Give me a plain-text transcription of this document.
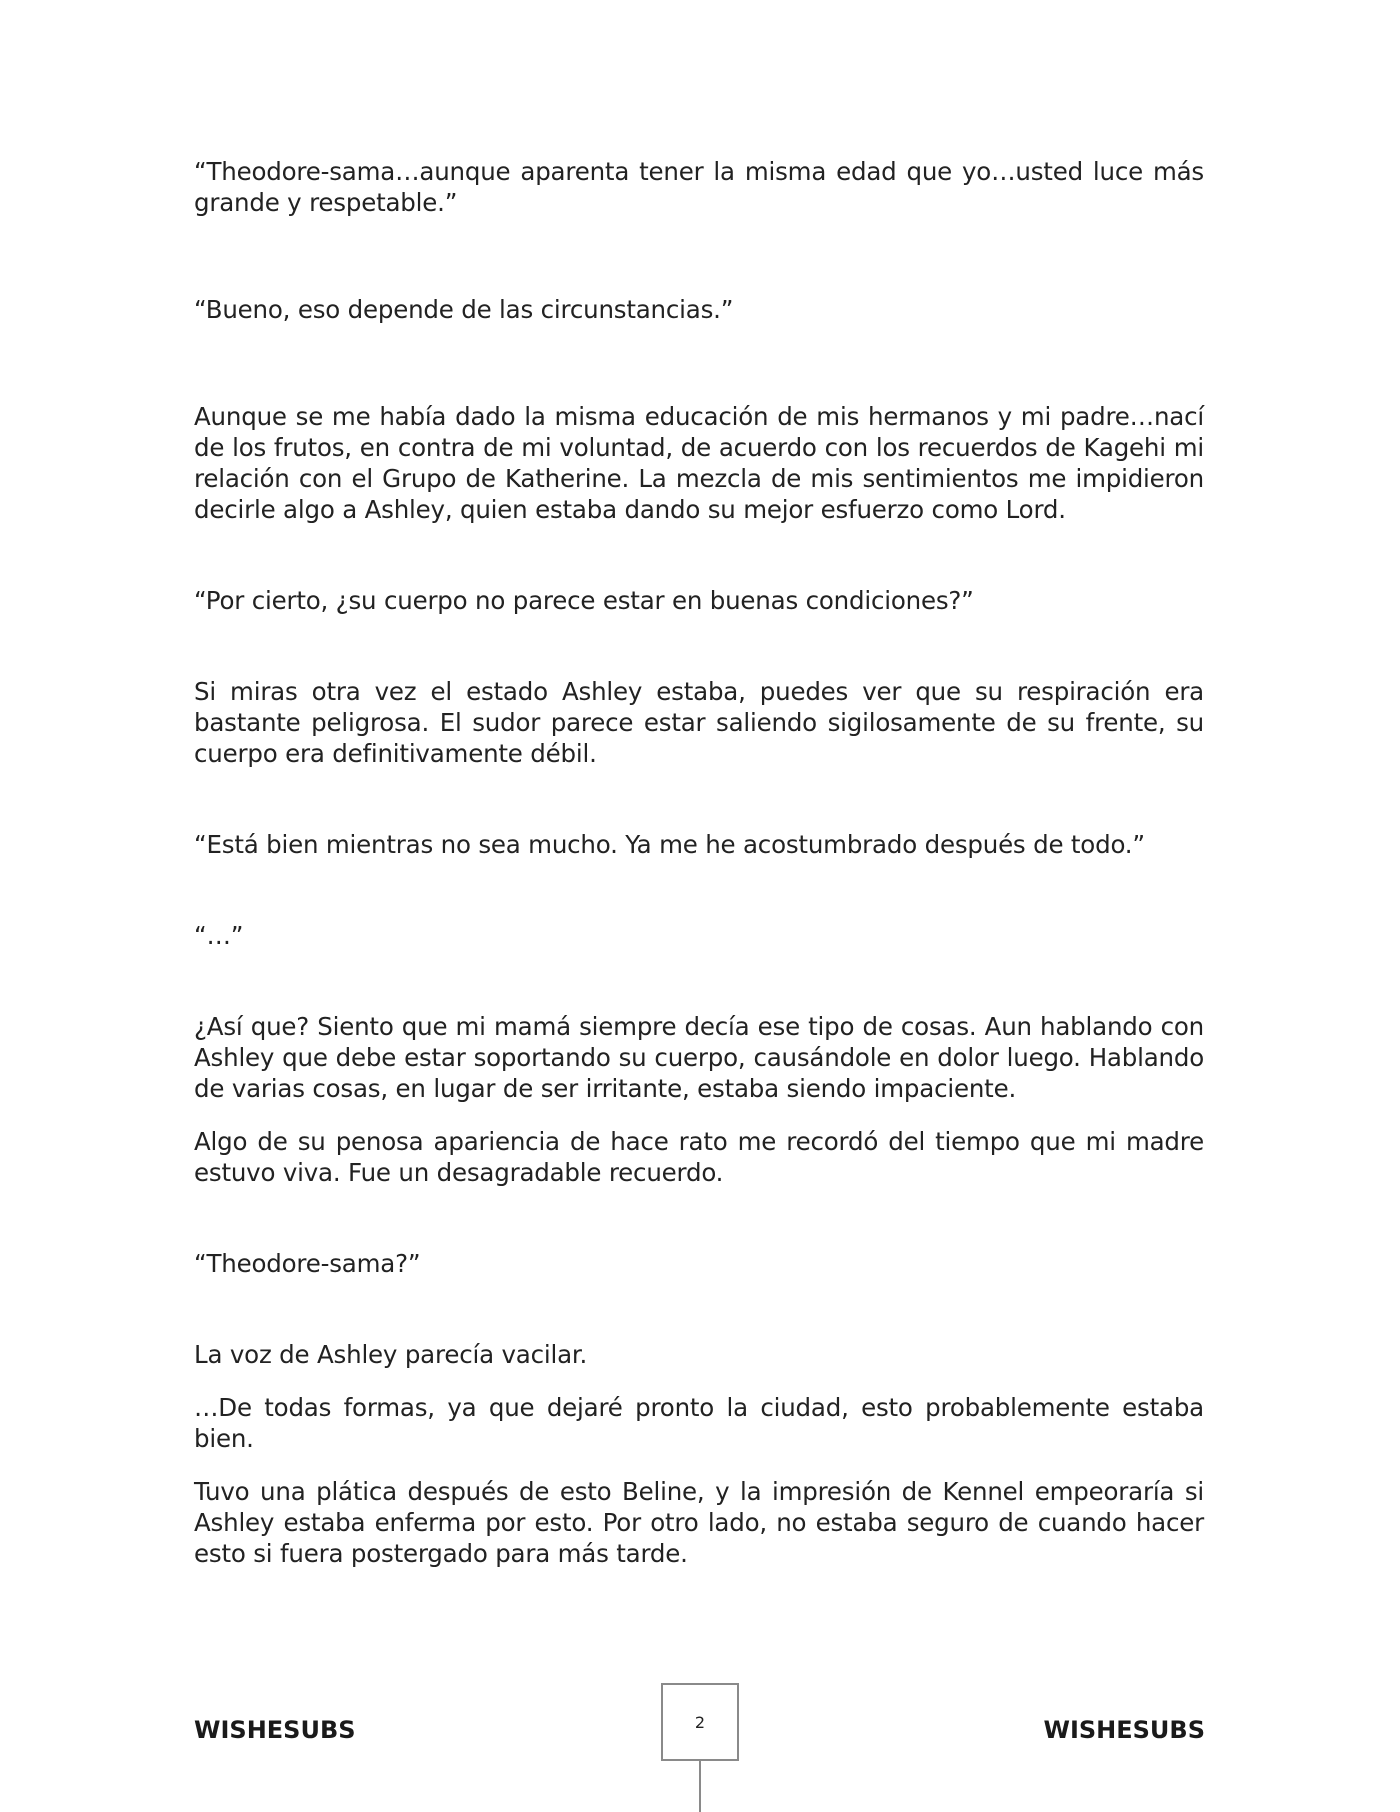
“Theodore-sama…aunque aparenta tener la misma edad que yo…usted luce más grande y respetable.”

“Bueno, eso depende de las circunstancias.”

Aunque se me había dado la misma educación de mis hermanos y mi padre…nací de los frutos, en contra de mi voluntad, de acuerdo con los recuerdos de Kagehi mi relación con el Grupo de Katherine. La mezcla de mis sentimientos me impidieron decirle algo a Ashley, quien estaba dando su mejor esfuerzo como Lord.

“Por cierto, ¿su cuerpo no parece estar en buenas condiciones?”

Si miras otra vez el estado Ashley estaba, puedes ver que su respiración era bastante peligrosa. El sudor parece estar saliendo sigilosamente de su frente, su cuerpo era definitivamente débil.

“Está bien mientras no sea mucho. Ya me he acostumbrado después de todo.”

“…”

¿Así que? Siento que mi mamá siempre decía ese tipo de cosas. Aun hablando con Ashley que debe estar soportando su cuerpo, causándole en dolor luego. Hablando de varias cosas, en lugar de ser irritante, estaba siendo impaciente.

Algo de su penosa apariencia de hace rato me recordó del tiempo que mi madre estuvo viva. Fue un desagradable recuerdo.

“Theodore-sama?”

La voz de Ashley parecía vacilar.

…De todas formas, ya que dejaré pronto la ciudad, esto probablemente estaba bien.

Tuvo una plática después de esto Beline, y la impresión de Kennel empeoraría si Ashley estaba enferma por esto. Por otro lado, no estaba seguro de cuando hacer esto si fuera postergado para más tarde.

WISHESUBS	2	WISHESUBS
